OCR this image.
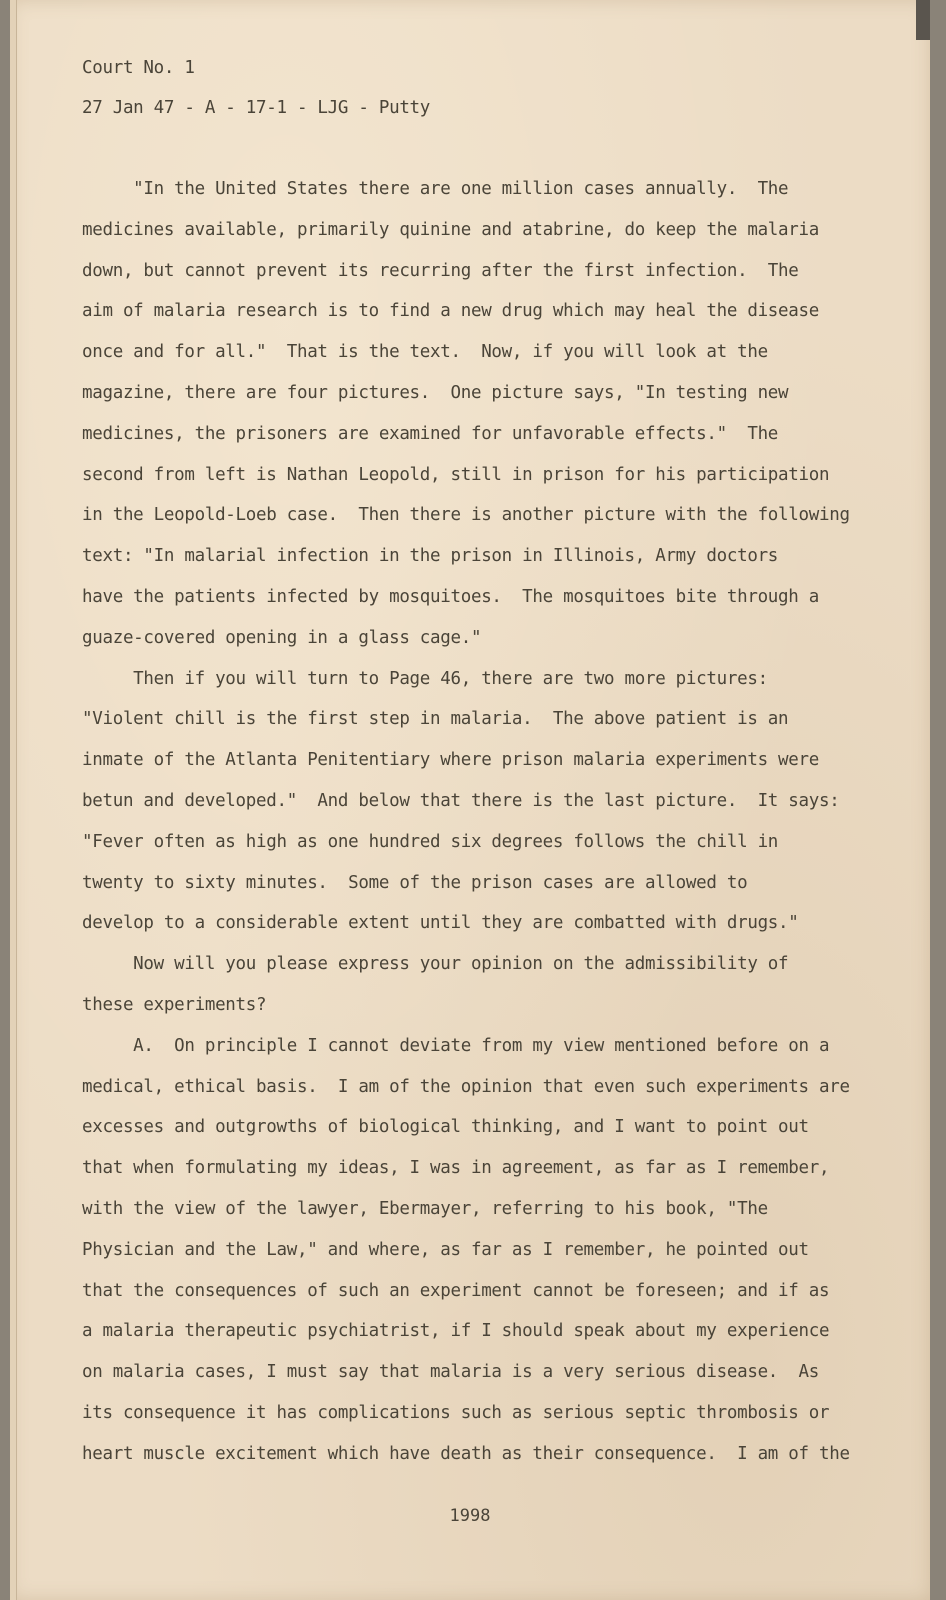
Court No. 1
27 Jan 47 - A - 17-1 - LJG - Putty
"In the United States there are one million cases annually.  The
medicines available, primarily quinine and atabrine, do keep the malaria
down, but cannot prevent its recurring after the first infection.  The
aim of malaria research is to find a new drug which may heal the disease
once and for all."  That is the text.  Now, if you will look at the
magazine, there are four pictures.  One picture says, "In testing new
medicines, the prisoners are examined for unfavorable effects."  The
second from left is Nathan Leopold, still in prison for his participation
in the Leopold-Loeb case.  Then there is another picture with the following
text: "In malarial infection in the prison in Illinois, Army doctors
have the patients infected by mosquitoes.  The mosquitoes bite through a
guaze-covered opening in a glass cage."
Then if you will turn to Page 46, there are two more pictures:
"Violent chill is the first step in malaria.  The above patient is an
inmate of the Atlanta Penitentiary where prison malaria experiments were
betun and developed."  And below that there is the last picture.  It says:
"Fever often as high as one hundred six degrees follows the chill in
twenty to sixty minutes.  Some of the prison cases are allowed to
develop to a considerable extent until they are combatted with drugs."
Now will you please express your opinion on the admissibility of
these experiments?
A.  On principle I cannot deviate from my view mentioned before on a
medical, ethical basis.  I am of the opinion that even such experiments are
excesses and outgrowths of biological thinking, and I want to point out
that when formulating my ideas, I was in agreement, as far as I remember,
with the view of the lawyer, Ebermayer, referring to his book, "The
Physician and the Law," and where, as far as I remember, he pointed out
that the consequences of such an experiment cannot be foreseen; and if as
a malaria therapeutic psychiatrist, if I should speak about my experience
on malaria cases, I must say that malaria is a very serious disease.  As
its consequence it has complications such as serious septic thrombosis or
heart muscle excitement which have death as their consequence.  I am of the
1998
